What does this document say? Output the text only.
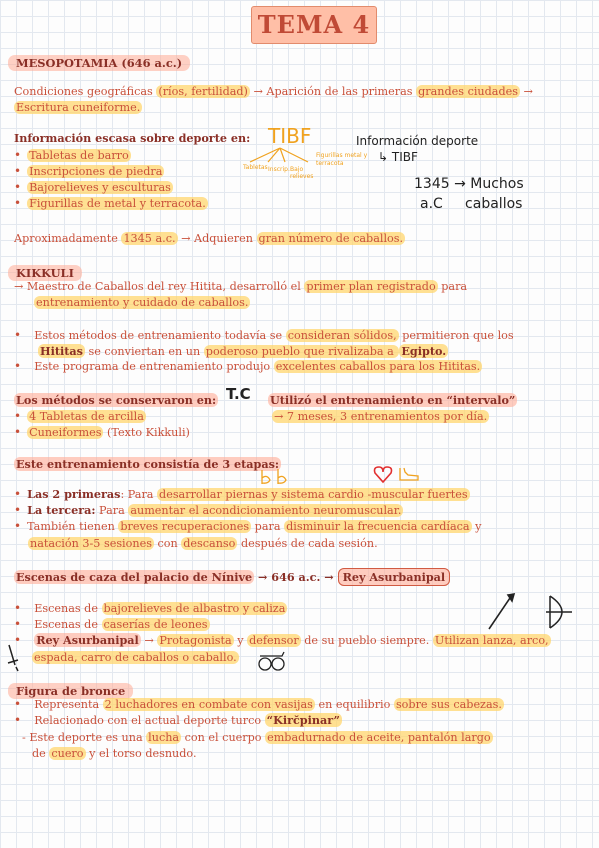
TEMA 4
MESOPOTAMIA (646 a.c.)
Condiciones geográficas (ríos, fertilidad) → Aparición de las primeras grandes ciudades →
Escritura cuneiforme.
Información escasa sobre deporte en:
• Tabletas de barro
• Inscripciones de piedra
• Bajorelieves y esculturas
• Figurillas de metal y terracota.
Aproximadamente 1345 a.c. → Adquieren gran número de caballos.
TIBF
Tabletas Inscrip. Bajo relieves
Figurillas metal y terracota
Información deporte
↳ TIBF
1345 → Muchos
a.C     caballos
KIKKULI
→ Maestro de Caballos del rey Hitita, desarrolló el primer plan registrado para
entrenamiento y cuidado de caballos.
• Estos métodos de entrenamiento todavía se consideran sólidos, permitieron que los
Hititas se conviertan en un poderoso pueblo que rivalizaba a Egipto.
• Este programa de entrenamiento produjo excelentes caballos para los Hititas.
Los métodos se conservaron en: T.C
• 4 Tabletas de arcilla
• Cuneiformes (Texto Kikkuli)
Utilizó el entrenamiento en “intervalo”
→ 7 meses, 3 entrenamientos por día.
Este entrenamiento consistía de 3 etapas:
• Las 2 primeras: Para desarrollar piernas y sistema cardio -muscular fuertes
• La tercera: Para aumentar el acondicionamiento neuromuscular.
• También tienen breves recuperaciones para disminuir la frecuencia cardíaca y
natación 3-5 sesiones con descanso después de cada sesión.
Escenas de caza del palacio de Nínive → 646 a.c. → Rey Asurbanipal
• Escenas de bajorelieves de albastro y caliza
• Escenas de caserías de leones
• Rey Asurbanipal → Protagonista y defensor de su pueblo siempre. Utilizan lanza, arco,
espada, carro de caballos o caballo.
Figura de bronce
• Representa 2 luchadores en combate con vasijas en equilibrio sobre sus cabezas.
• Relacionado con el actual deporte turco “Kirc̆pinar”
- Este deporte es una lucha con el cuerpo embadurnado de aceite, pantalón largo
de cuero y el torso desnudo.
